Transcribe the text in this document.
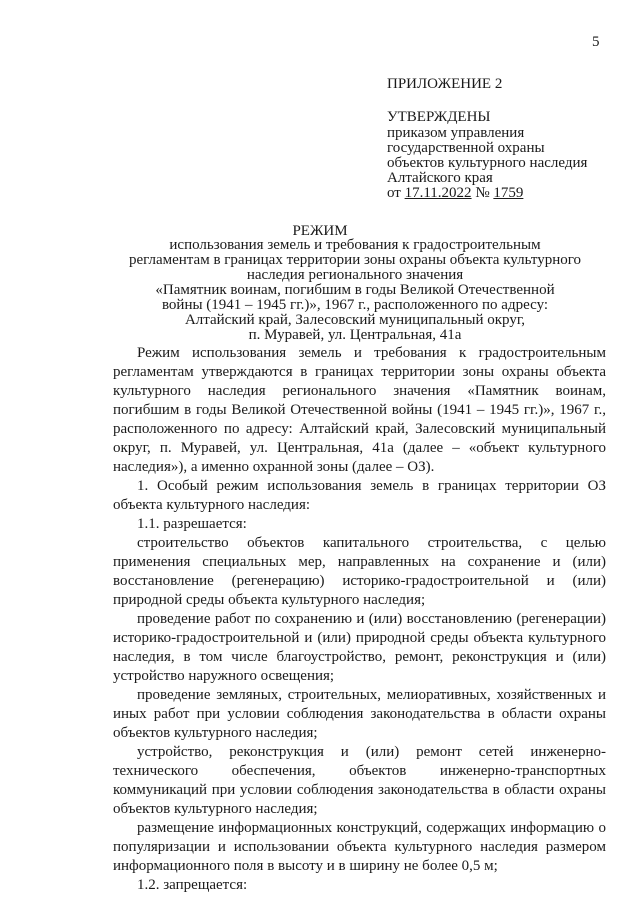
5
ПРИЛОЖЕНИЕ 2
УТВЕРЖДЕНЫ
приказом управления
государственной охраны
объектов культурного наследия
Алтайского края
от 17.11.2022 № 1759
РЕЖИМ
использования земель и требования к градостроительным
регламентам в границах территории зоны охраны объекта культурного
наследия регионального значения
«Памятник воинам, погибшим в годы Великой Отечественной
войны (1941 – 1945 гг.)», 1967 г., расположенного по адресу:
Алтайский край, Залесовский муниципальный округ,
п. Муравей, ул. Центральная, 41а

Режим использования земель и требования к градостроительным регламентам утверждаются в границах территории зоны охраны объекта культурного наследия регионального значения «Памятник воинам, погибшим в годы Великой Отечественной войны (1941 – 1945 гг.)», 1967 г., расположенного по адресу: Алтайский край, Залесовский муниципальный округ, п. Муравей, ул. Центральная, 41а (далее – «объект культурного наследия»), а именно охранной зоны (далее – ОЗ).

1. Особый режим использования земель в границах территории ОЗ объекта культурного наследия:

1.1. разрешается:

строительство объектов капитального строительства, с целью применения специальных мер, направленных на сохранение и (или) восстановление (регенерацию) историко-градостроительной и (или) природной среды объекта культурного наследия;

проведение работ по сохранению и (или) восстановлению (регенерации) историко-градостроительной и (или) природной среды объекта культурного наследия, в том числе благоустройство, ремонт, реконструкция и (или) устройство наружного освещения;

проведение земляных, строительных, мелиоративных, хозяйственных и иных работ при условии соблюдения законодательства в области охраны объектов культурного наследия;

устройство, реконструкция и (или) ремонт сетей инженерно-технического обеспечения, объектов инженерно-транспортных коммуникаций при условии соблюдения законодательства в области охраны объектов культурного наследия;

размещение информационных конструкций, содержащих информацию о популяризации и использовании объекта культурного наследия размером информационного поля в высоту и в ширину не более 0,5 м;

1.2. запрещается:
